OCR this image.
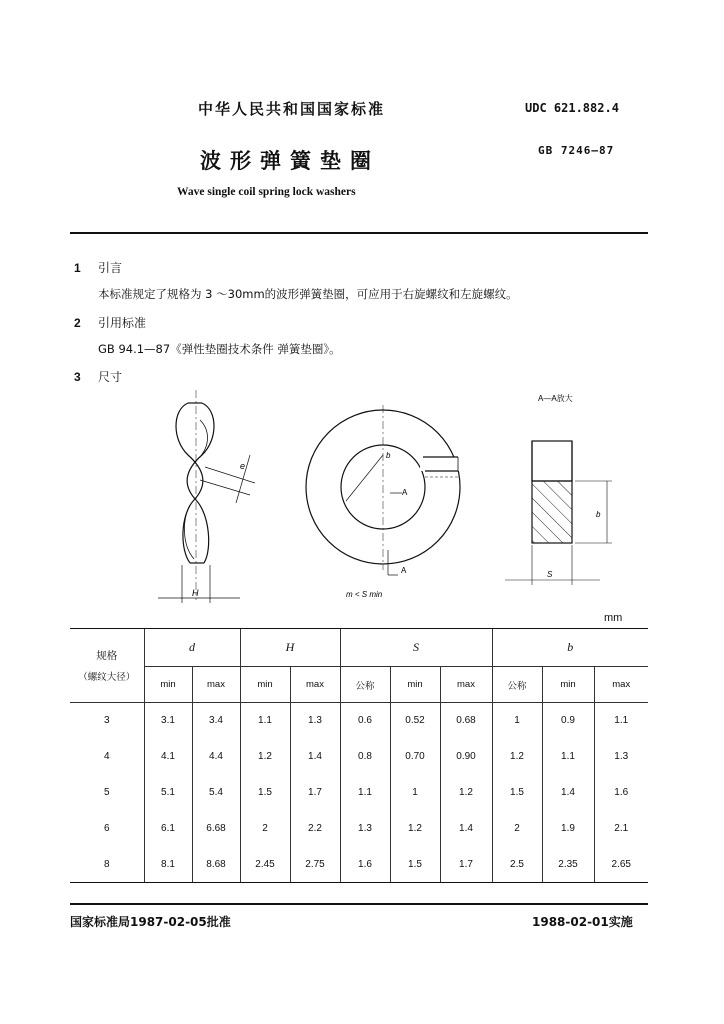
中华人民共和国国家标准	UDC 621.882.4
波形弹簧垫圈	GB 7246—87
Wave single coil spring lock washers
1 引言
本标准规定了规格为 3 ～30mm的波形弹簧垫圈，可应用于右旋螺纹和左旋螺纹。
2 引用标准
GB 94.1—87《弹性垫圈技术条件 弹簧垫圈》。
3 尺寸
e
H
b
A
A
m < S min
A—A放大
b
S
mm
规格
（螺纹大径）	d		H		S			b		
	min	max	min	max	公称	min	max	公称	min	max
3	3.1	3.4	1.1	1.3	0.6	0.52	0.68	1	0.9	1.1
4	4.1	4.4	1.2	1.4	0.8	0.70	0.90	1.2	1.1	1.3
5	5.1	5.4	1.5	1.7	1.1	1	1.2	1.5	1.4	1.6
6	6.1	6.68	2	2.2	1.3	1.2	1.4	2	1.9	2.1
8	8.1	8.68	2.45	2.75	1.6	1.5	1.7	2.5	2.35	2.65
国家标准局1987-02-05批准	1988-02-01实施
